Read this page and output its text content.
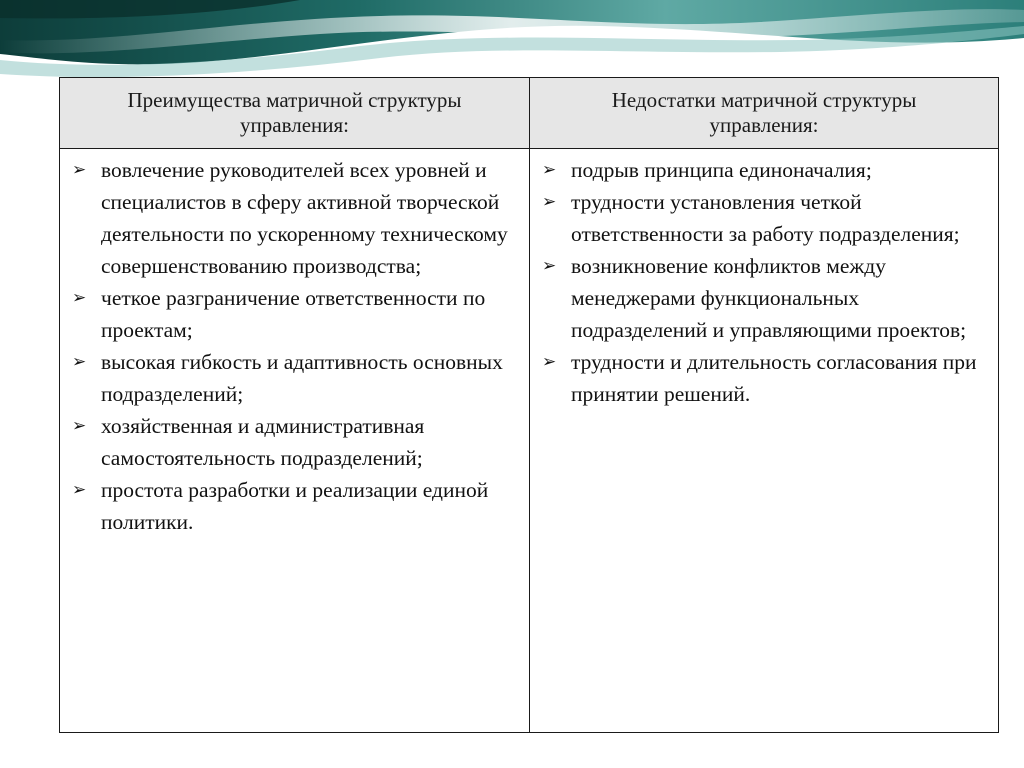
Преимущества матричной структуры управления:
Недостатки матричной структуры управления:
➢ вовлечение руководителей всех уровней и специалистов в сферу активной творческой деятельности по ускоренному техническому совершенствованию производства;
➢ четкое разграничение ответственности по проектам;
➢ высокая гибкость и адаптивность основных подразделений;
➢ хозяйственная и административная самостоятельность подразделений;
➢ простота разработки и реализации единой политики.
➢ подрыв принципа единоначалия;
➢ трудности установления четкой ответственности за работу подразделения;
➢ возникновение конфликтов между менеджерами функциональных подразделений и управляющими проектов;
➢ трудности и длительность согласования при принятии решений.
